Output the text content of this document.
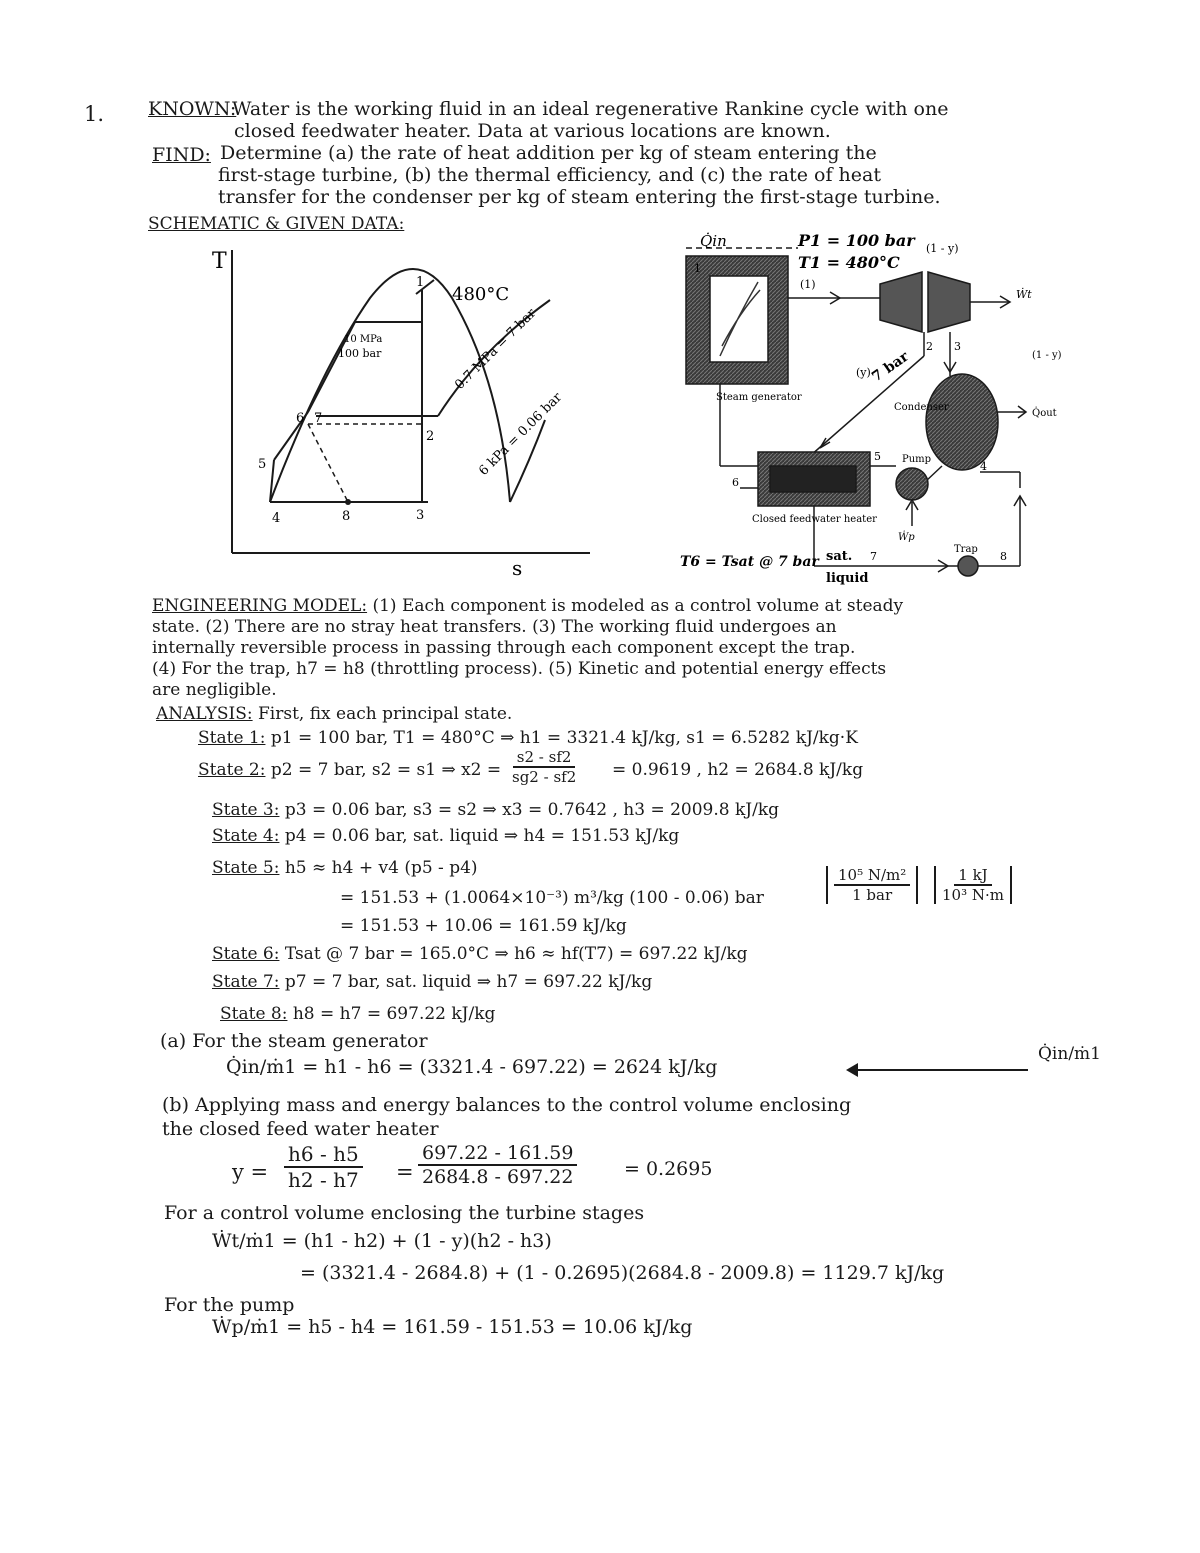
1. KNOWN:
Water is the working fluid in an ideal regenerative Rankine cycle with one
closed feedwater heater. Data at various locations are known.
FIND: Determine (a) the rate of heat addition per kg of steam entering the
first-stage turbine, (b) the thermal efficiency, and (c) the rate of heat
transfer for the condenser per kg of steam entering the first-stage turbine.
SCHEMATIC & GIVEN DATA:
T
s
480°C
10 MPa
100 bar	0.7 MPa = 7 bar
6 kPa = 0.06 bar
1
2
3
4
5
6 7
8
Q̇in	P1 = 100 bar
T1 = 480°C
(1 - y)
(1 - y)
(1)
Ẇt
(y)
7 bar
Steam generator
Condenser
Q̇out
Pump
Ẇp
Closed feedwater heater
Trap
sat.
liquid
T6 = Tsat @ 7 bar
1
2 3
4
5
6
7	8
ENGINEERING MODEL: (1) Each component is modeled as a control volume at steady
state. (2) There are no stray heat transfers. (3) The working fluid undergoes an
internally reversible process in passing through each component except the trap.
(4) For the trap, h7 = h8 (throttling process). (5) Kinetic and potential energy effects
are negligible.
ANALYSIS: First, fix each principal state.
State 1: p1 = 100 bar, T1 = 480°C ⇒ h1 = 3321.4 kJ/kg, s1 = 6.5282 kJ/kg·K
State 2: p2 = 7 bar, s2 = s1 ⇒ $x2 = \frac{s2 - sf2}{sg2 - sf2} = 0.9619$ , h2 = 2684.8 kJ/kg
State 3: p3 = 0.06 bar, s3 = s2 ⇒ x3 = 0.7642 , h3 = 2009.8 kJ/kg
State 4: p4 = 0.06 bar, sat. liquid ⇒ h4 = 151.53 kJ/kg
State 5: h5 ≈ h4 + v4 (p5 - p4)
= 151.53 + (1.0064×10⁻³) m³/kg (100 - 0.06) bar
10⁵ N/m²
1 bar	$\frac{1 kJ}{\text{10³ N·m}}$
= 151.53 + 10.06 = 161.59 kJ/kg
State 6: Tsat @ 7 bar = 165.0°C ⇒ h6 ≈ hf(T7) = 697.22 kJ/kg
State 7: p7 = 7 bar, sat. liquid ⇒ h7 = 697.22 kJ/kg
State 8: h8 = h7 = 697.22 kJ/kg
(a) For the steam generator
Q̇in/ṁ1 = h1 - h6 = (3321.4 - 697.22) = 2624 kJ/kg
Q̇in/ṁ1
(b) Applying mass and energy balances to the control volume enclosing
the closed feed water heater
$y = \frac{h6 - h5}{h2 - h7} = \frac{697.22 - 161.59}{2684.8 - 697.22} = 0.2695$
For a control volume enclosing the turbine stages
Ẇt/ṁ1 = (h1 - h2) + (1 - y)(h2 - h3)
= (3321.4 - 2684.8) + (1 - 0.2695)(2684.8 - 2009.8) = 1129.7 kJ/kg
For the pump
Ẇp/ṁ1 = h5 - h4 = 161.59 - 151.53 = 10.06 kJ/kg
